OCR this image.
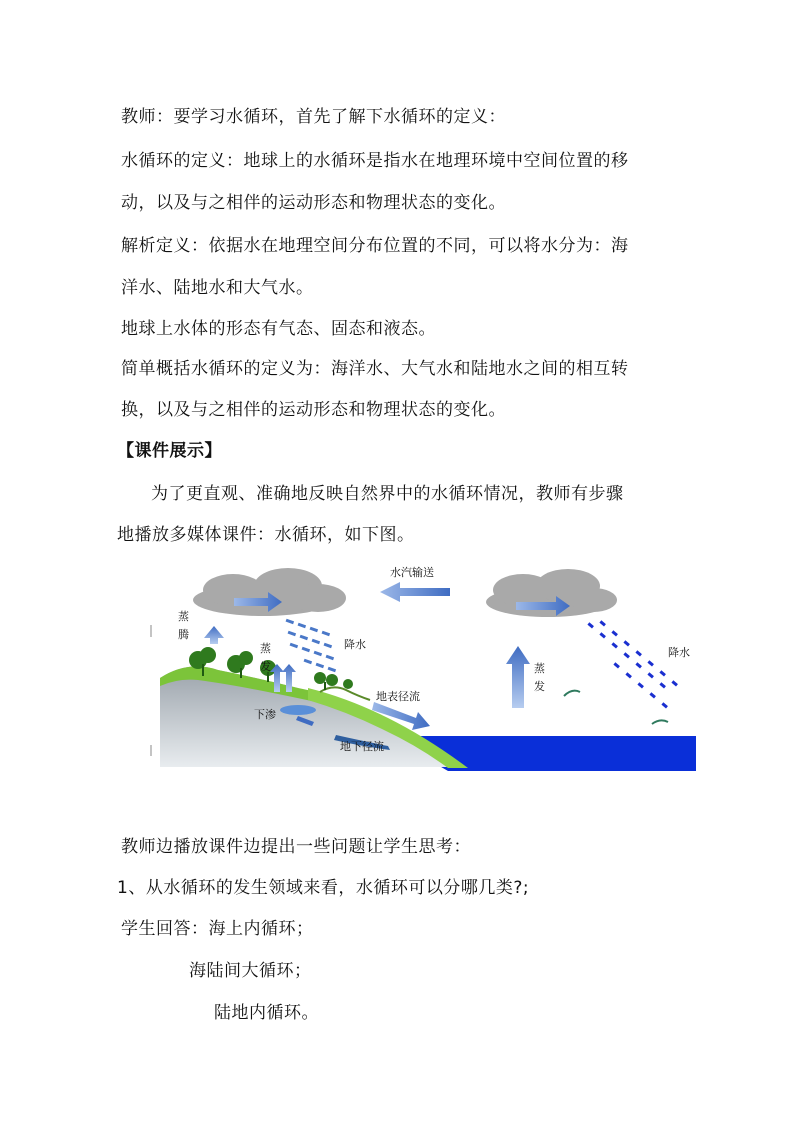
教师：要学习水循环，首先了解下水循环的定义：
水循环的定义：地球上的水循环是指水在地理环境中空间位置的移
动，以及与之相伴的运动形态和物理状态的变化。
解析定义：依据水在地理空间分布位置的不同，可以将水分为：海
洋水、陆地水和大气水。
地球上水体的形态有气态、固态和液态。
简单概括水循环的定义为：海洋水、大气水和陆地水之间的相互转
换，以及与之相伴的运动形态和物理状态的变化。
【课件展示】
为了更直观、准确地反映自然界中的水循环情况，教师有步骤
地播放多媒体课件：水循环，如下图。
水汽输送
蒸
腾
蒸
发
降水
地表径流
下渗
地下径流
蒸
发
降水
教师边播放课件边提出一些问题让学生思考：
1、从水循环的发生领域来看，水循环可以分哪几类?;
学生回答：海上内循环；
海陆间大循环；
陆地内循环。
